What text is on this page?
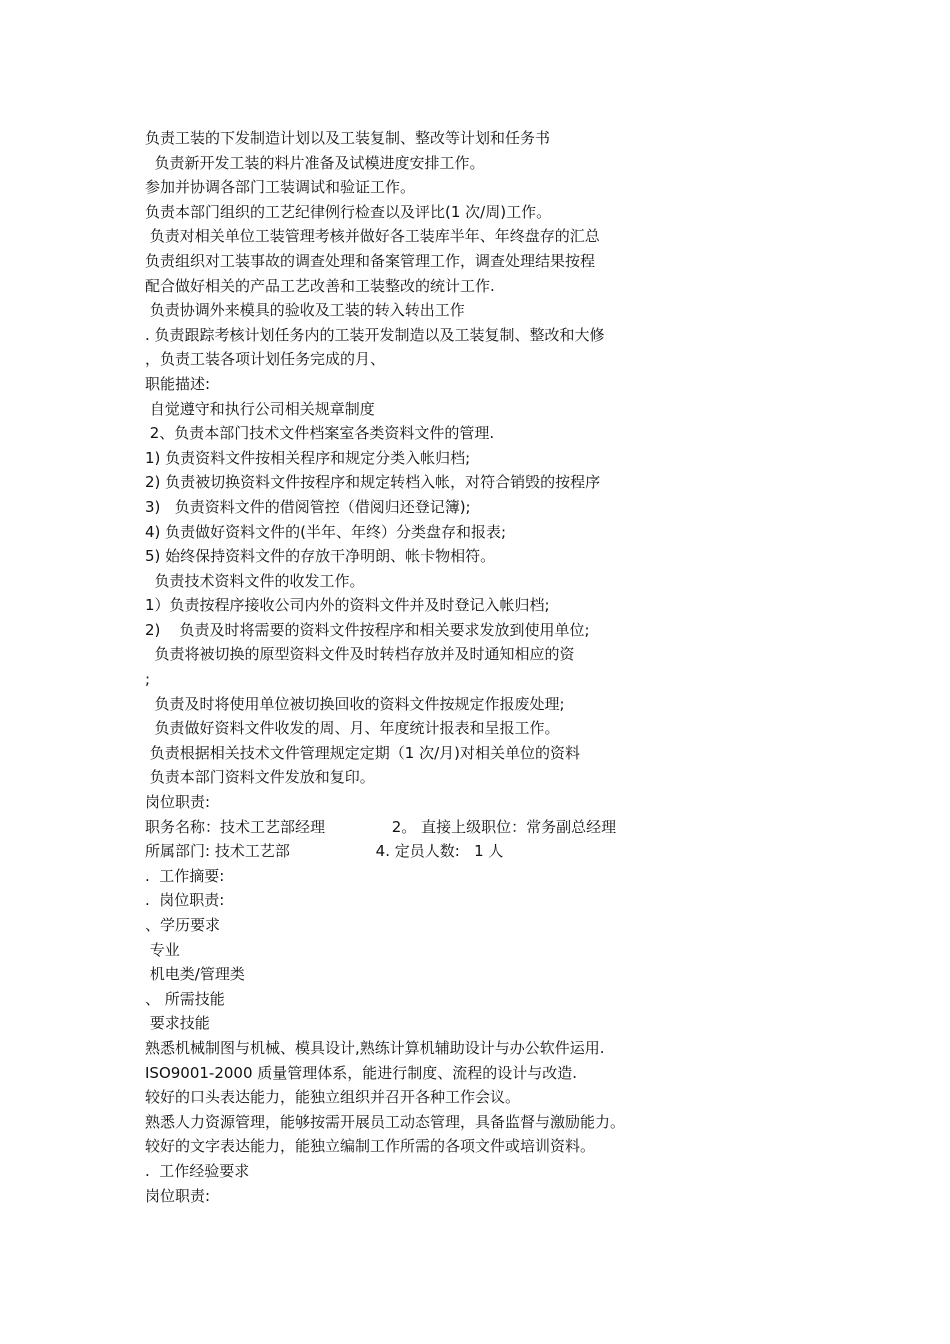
负责工装的下发制造计划以及工装复制、整改等计划和任务书
负责新开发工装的料片准备及试模进度安排工作。
参加并协调各部门工装调试和验证工作。
负责本部门组织的工艺纪律例行检查以及评比(1 次/周)工作。
负责对相关单位工装管理考核并做好各工装库半年、年终盘存的汇总
负责组织对工装事故的调查处理和备案管理工作，调查处理结果按程
配合做好相关的产品工艺改善和工装整改的统计工作.
负责协调外来模具的验收及工装的转入转出工作
. 负责跟踪考核计划任务内的工装开发制造以及工装复制、整改和大修
，负责工装各项计划任务完成的月、
职能描述:
自觉遵守和执行公司相关规章制度
2、负责本部门技术文件档案室各类资料文件的管理.
1) 负责资料文件按相关程序和规定分类入帐归档;
2) 负责被切换资料文件按程序和规定转档入帐，对符合销毁的按程序
3)   负责资料文件的借阅管控（借阅归还登记簿);
4) 负责做好资料文件的(半年、年终）分类盘存和报表;
5) 始终保持资料文件的存放干净明朗、帐卡物相符。
负责技术资料文件的收发工作。
1）负责按程序接收公司内外的资料文件并及时登记入帐归档;
2)    负责及时将需要的资料文件按程序和相关要求发放到使用单位;
负责将被切换的原型资料文件及时转档存放并及时通知相应的资
;
负责及时将使用单位被切换回收的资料文件按规定作报废处理;
负责做好资料文件收发的周、月、年度统计报表和呈报工作。
负责根据相关技术文件管理规定定期（1 次/月)对相关单位的资料
负责本部门资料文件发放和复印。
岗位职责:
职务名称：技术工艺部经理              2。 直接上级职位：常务副总经理
所属部门: 技术工艺部                  4. 定员人数:   1 人
.  工作摘要:
.  岗位职责:
、学历要求
专业
机电类/管理类
、 所需技能
要求技能
熟悉机械制图与机械、模具设计,熟练计算机辅助设计与办公软件运用.
ISO9001-2000 质量管理体系，能进行制度、流程的设计与改造.
较好的口头表达能力，能独立组织并召开各种工作会议。
熟悉人力资源管理，能够按需开展员工动态管理，具备监督与激励能力。
较好的文字表达能力，能独立编制工作所需的各项文件或培训资料。
.  工作经验要求
岗位职责:
